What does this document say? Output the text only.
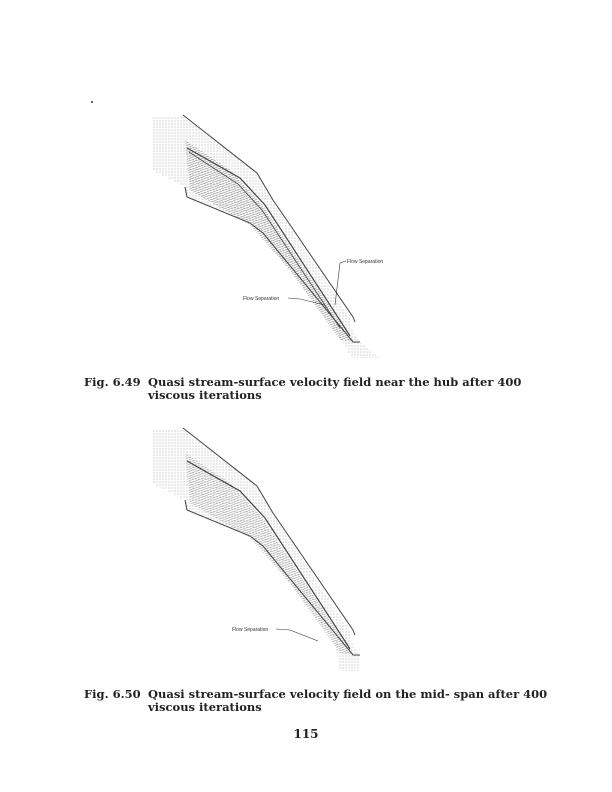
Flow Separation
Flow Separation
Flow Separation
Fig. 6.49 Quasi stream-surface velocity field near the hub after 400 viscous iterations
Fig. 6.50 Quasi stream-surface velocity field on the mid- span after 400 viscous iterations
115
